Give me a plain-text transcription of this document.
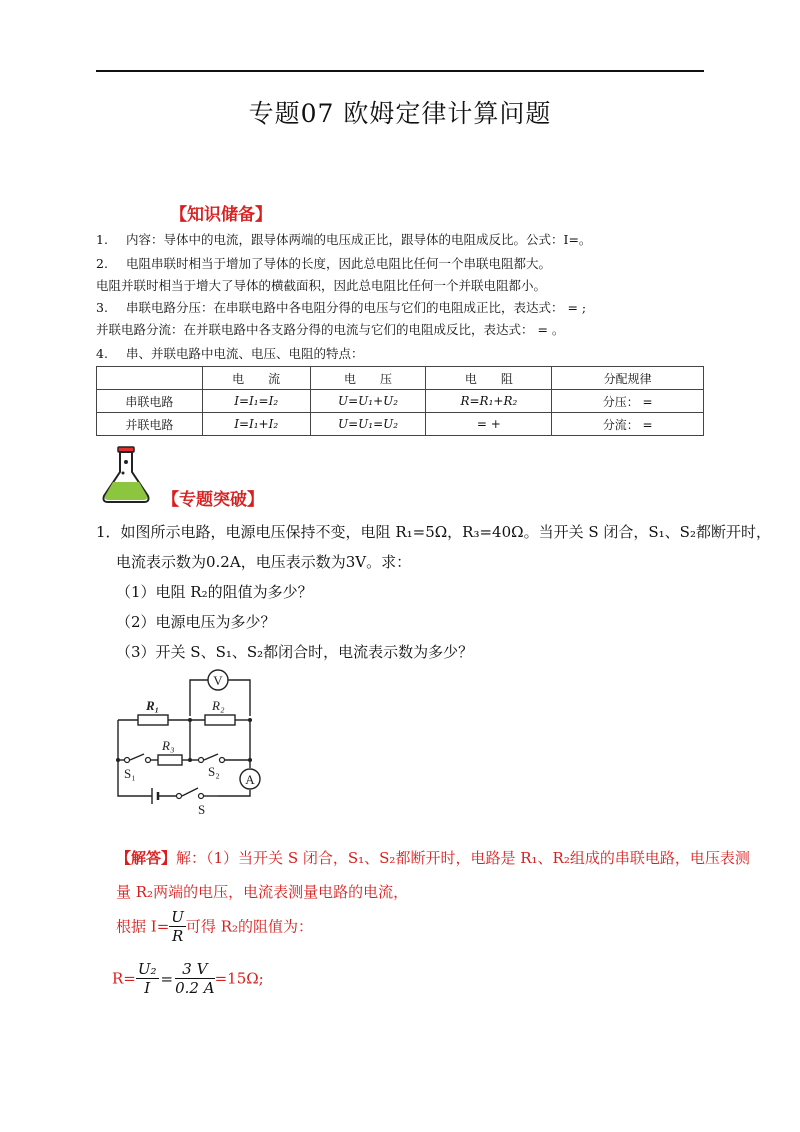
专题07 欧姆定律计算问题
【知识储备】
1. 内容：导体中的电流，跟导体两端的电压成正比，跟导体的电阻成反比。公式：I=。
2. 电阻串联时相当于增加了导体的长度，因此总电阻比任何一个串联电阻都大。
电阻并联时相当于增大了导体的横截面积，因此总电阻比任何一个并联电阻都小。
3. 串联电路分压：在串联电路中各电阻分得的电压与它们的电阻成正比，表达式： = ;
并联电路分流：在并联电路中各支路分得的电流与它们的电阻成反比，表达式： = 。
4. 串、并联电路中电流、电压、电阻的特点：
	电　　流	电　　压	电　　阻	分配规律
串联电路	I=I₁=I₂	U=U₁+U₂	R=R₁+R₂	分压： =
并联电路	I=I₁+I₂	U=U₁=U₂	= +	分流： =
【专题突破】
1．如图所示电路，电源电压保持不变，电阻 R₁=5Ω，R₃=40Ω。当开关 S 闭合，S₁、S₂都断开时，
电流表示数为0.2A，电压表示数为3V。求：
（1）电阻 R₂的阻值为多少？
（2）电源电压为多少？
（3）开关 S、S₁、S₂都闭合时，电流表示数为多少？
V
A
R₁	R₂
R₃
S₁	S₂
S
【解答】解：（1）当开关 S 闭合，S₁、S₂都断开时，电路是 R₁、R₂组成的串联电路，电压表测
量 R₂两端的电压，电流表测量电路的电流，
根据 $I= \frac{U}{R}$ 可得 R₂的阻值为：
$R= \frac{\text{U₂}}{I} = \frac{3 V}{0.2 A} =15\Omega$;
